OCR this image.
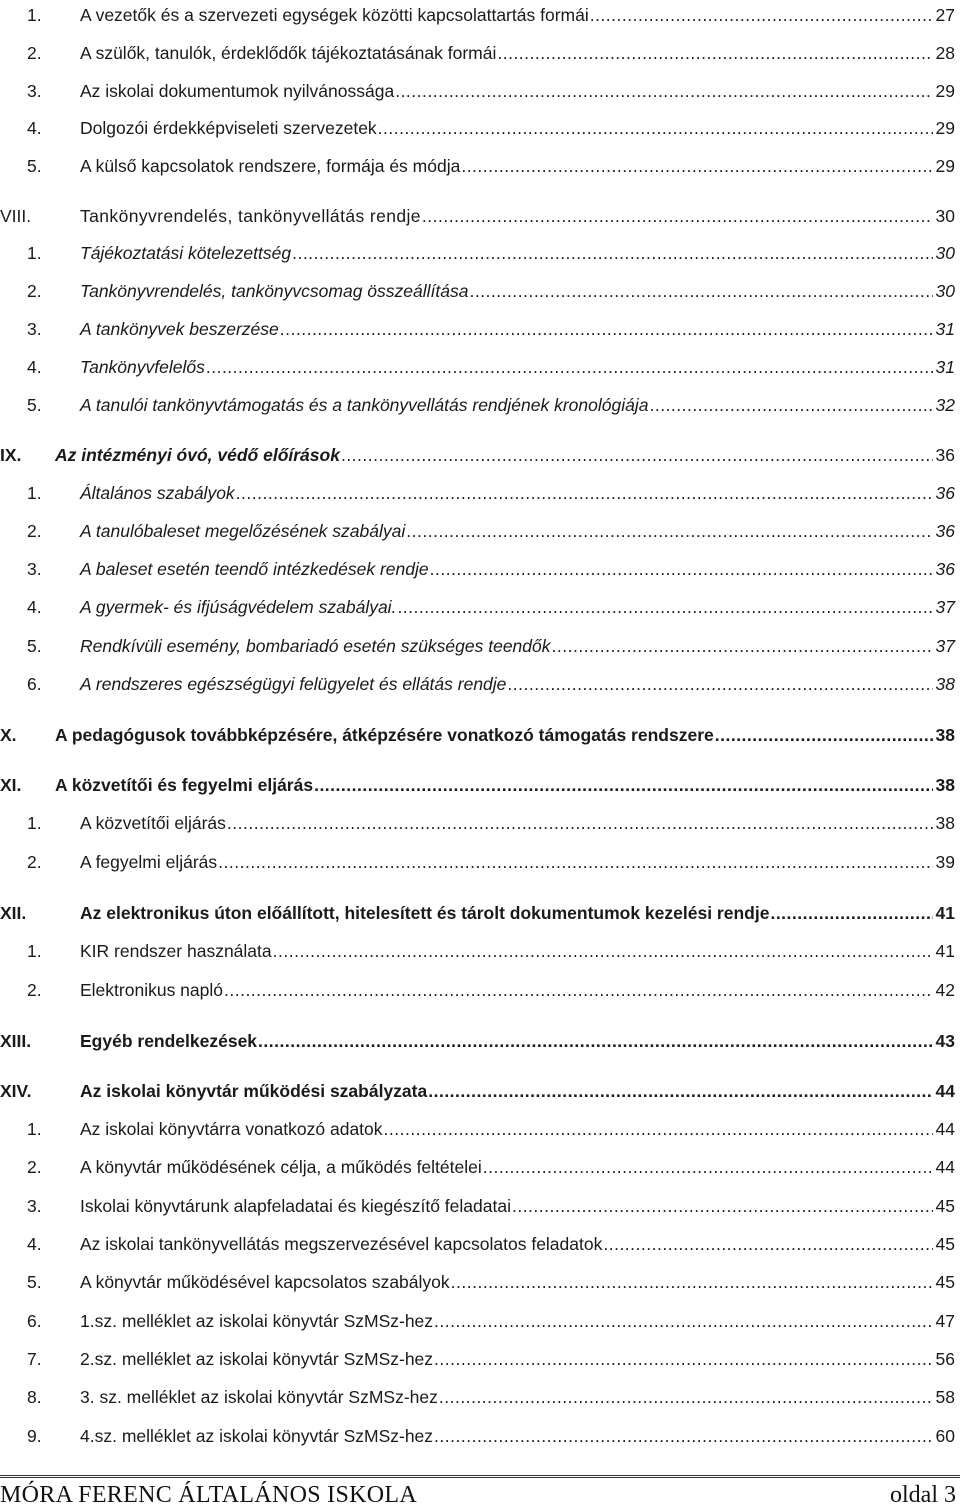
1.	A vezetők és a szervezeti egységek közötti kapcsolattartás formái .....	27
2.	A szülők, tanulók, érdeklődők tájékoztatásának formái .....	28
3.	Az iskolai dokumentumok nyilvánossága .....	29
4.	Dolgozói érdekképviseleti szervezetek .....	29
5.	A külső kapcsolatok rendszere, formája és módja .....	29
VIII.	Tankönyvrendelés, tankönyvellátás rendje .....	30
1.	Tájékoztatási kötelezettség .....	30
2.	Tankönyvrendelés, tankönyvcsomag összeállítása .....	30
3.	A tankönyvek beszerzése .....	31
4.	Tankönyvfelelős .....	31
5.	A tanulói tankönyvtámogatás és a tankönyvellátás rendjének kronológiája .....	32
IX.	Az intézményi óvó, védő előírások .....	36
1.	Általános szabályok .....	36
2.	A tanulóbaleset megelőzésének szabályai .....	36
3.	A baleset esetén teendő intézkedések rendje .....	36
4.	A gyermek- és ifjúságvédelem szabályai. .....	37
5.	Rendkívüli esemény, bombariadó esetén szükséges teendők .....	37
6.	A rendszeres egészségügyi felügyelet és ellátás rendje .....	38
X.	A pedagógusok továbbképzésére, átképzésére vonatkozó támogatás rendszere .....	38
XI.	A közvetítői és fegyelmi eljárás .....	38
1.	A közvetítői eljárás .....	38
2.	A fegyelmi eljárás .....	39
XII.	Az elektronikus úton előállított, hitelesített és tárolt dokumentumok kezelési rendje .....	41
1.	KIR rendszer használata .....	41
2.	Elektronikus napló .....	42
XIII.	Egyéb rendelkezések .....	43
XIV.	Az iskolai könyvtár működési szabályzata .....	44
1.	Az iskolai könyvtárra vonatkozó adatok .....	44
2.	A könyvtár működésének célja, a működés feltételei .....	44
3.	Iskolai könyvtárunk alapfeladatai és kiegészítő feladatai .....	45
4.	Az iskolai tankönyvellátás megszervezésével kapcsolatos feladatok .....	45
5.	A könyvtár működésével kapcsolatos szabályok .....	45
6.	1.sz. melléklet az iskolai könyvtár SzMSz-hez .....	47
7.	2.sz. melléklet az iskolai könyvtár SzMSz-hez .....	56
8.	3. sz. melléklet az iskolai könyvtár SzMSz-hez .....	58
9.	4.sz. melléklet az iskolai könyvtár SzMSz-hez .....	60
MÓRA FERENC ÁLTALÁNOS ISKOLA	oldal 3
